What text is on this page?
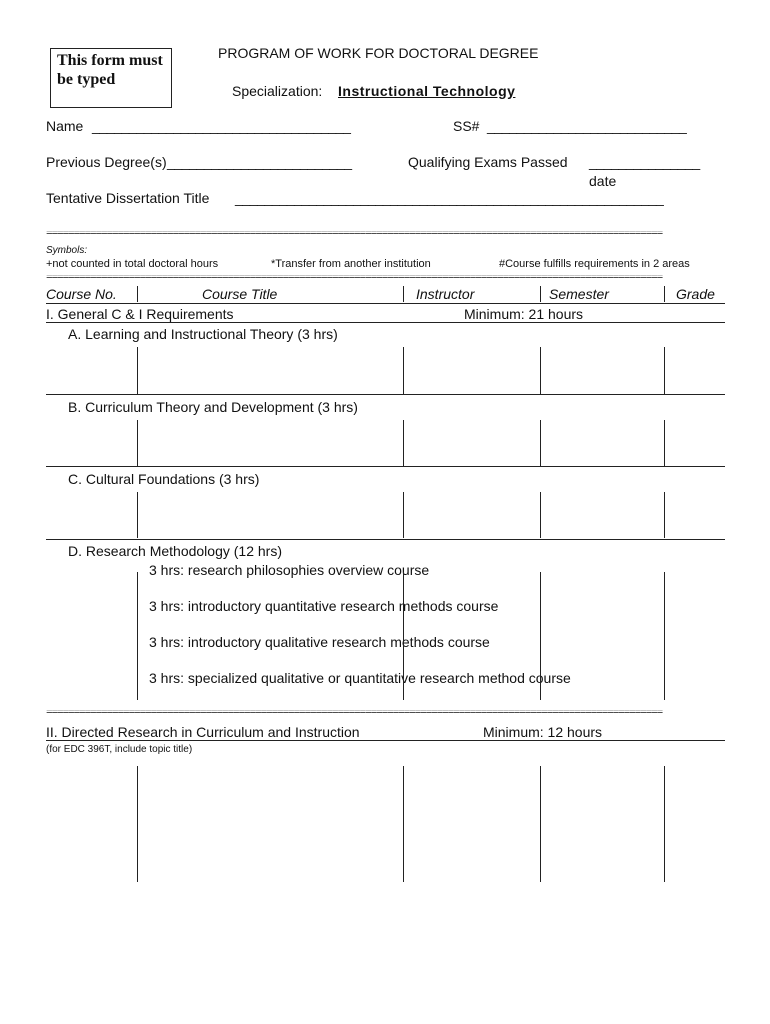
This form must be typed
PROGRAM OF WORK FOR DOCTORAL DEGREE
Specialization: Instructional Technology
Name ___________________________________	SS# ___________________________
Previous Degree(s) _________________________	Qualifying Exams Passed _______________
date
Tentative Dissertation Title __________________________________________________________
================================================================================================================
Symbols:
+not counted in total doctoral hours	*Transfer from another institution	#Course fulfills requirements in 2 areas
================================================================================================================
Course No.	Course Title	Instructor	Semester	Grade
I. General C & I Requirements	Minimum: 21 hours
A. Learning and Instructional Theory (3 hrs)
B. Curriculum Theory and Development (3 hrs)
C. Cultural Foundations (3 hrs)
D. Research Methodology (12 hrs)
3 hrs: research philosophies overview course
3 hrs: introductory quantitative research methods course
3 hrs: introductory qualitative research methods course
3 hrs: specialized qualitative or quantitative research method course
================================================================================================================
II. Directed Research in Curriculum and Instruction	Minimum: 12 hours
(for EDC 396T, include topic title)
